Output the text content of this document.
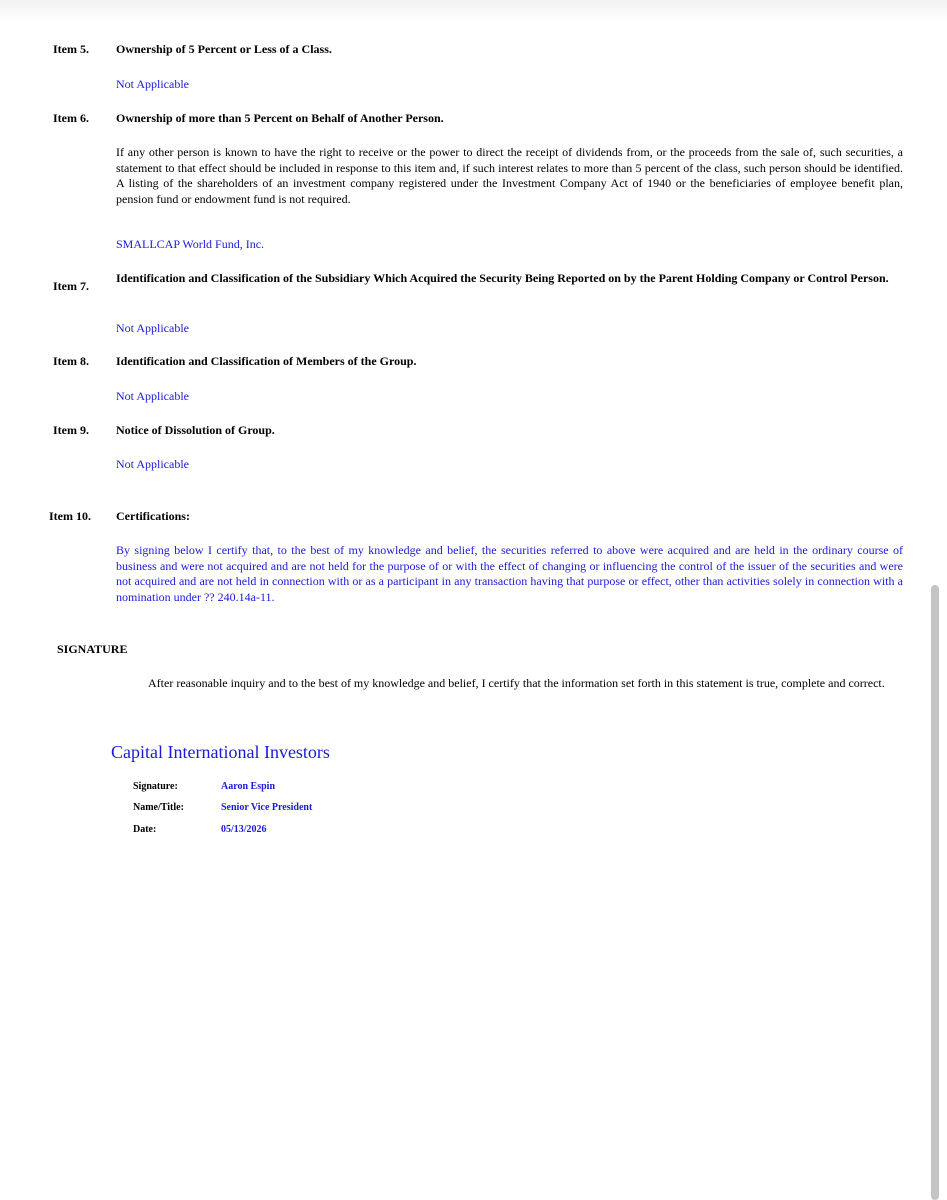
Item 5. Ownership of 5 Percent or Less of a Class.
Not Applicable
Item 6. Ownership of more than 5 Percent on Behalf of Another Person.
If any other person is known to have the right to receive or the power to direct the receipt of dividends from, or the proceeds from the sale of, such securities, a statement to that effect should be included in response to this item and, if such interest relates to more than 5 percent of the class, such person should be identified. A listing of the shareholders of an investment company registered under the Investment Company Act of 1940 or the beneficiaries of employee benefit plan, pension fund or endowment fund is not required.
SMALLCAP World Fund, Inc.
Item 7.
Identification and Classification of the Subsidiary Which Acquired the Security Being Reported on by the Parent Holding Company or Control Person.
Not Applicable
Item 8. Identification and Classification of Members of the Group.
Not Applicable
Item 9. Notice of Dissolution of Group.
Not Applicable
Item 10. Certifications:
By signing below I certify that, to the best of my knowledge and belief, the securities referred to above were acquired and are held in the ordinary course of business and were not acquired and are not held for the purpose of or with the effect of changing or influencing the control of the issuer of the securities and were not acquired and are not held in connection with or as a participant in any transaction having that purpose or effect, other than activities solely in connection with a nomination under ?? 240.14a-11.
SIGNATURE
After reasonable inquiry and to the best of my knowledge and belief, I certify that the information set forth in this statement is true, complete and correct.
Capital International Investors
Signature:	Aaron Espin
Name/Title:	Senior Vice President
Date:	05/13/2026
